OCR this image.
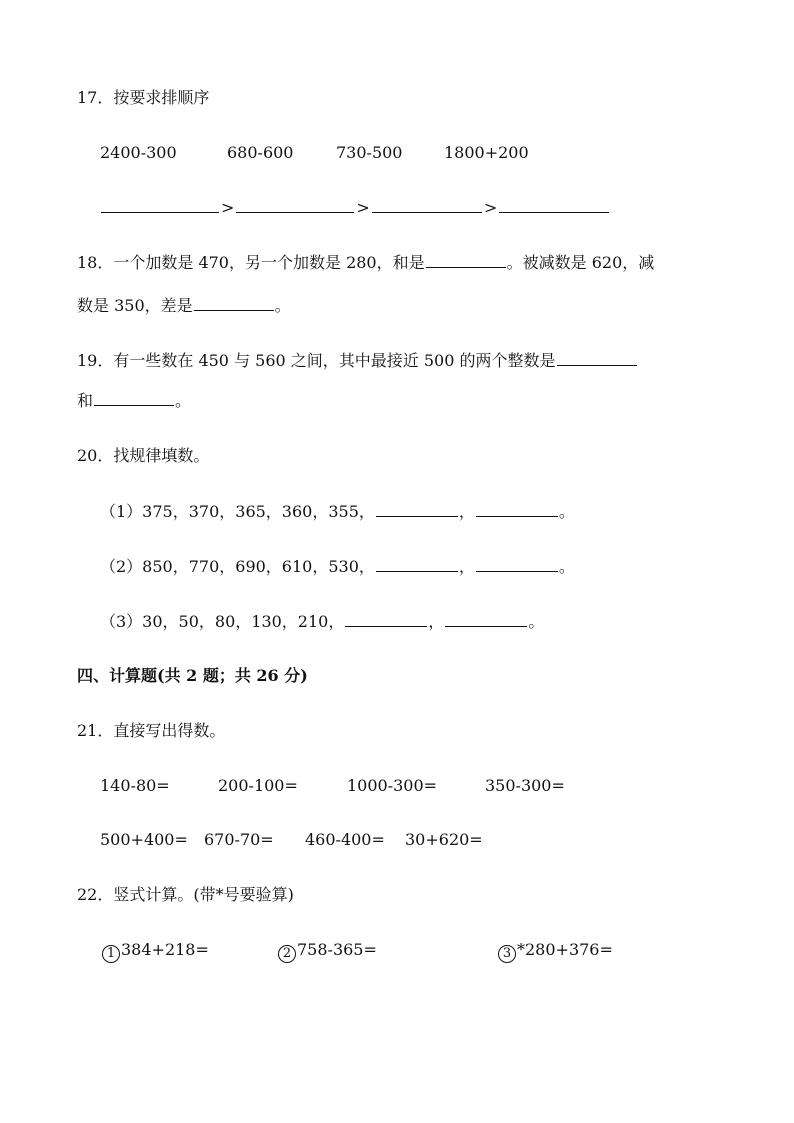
17．按要求排顺序
2400-300	680-600	730-500	1800+200
>	>	>
18．一个加数是 470，另一个加数是 280，和是	。被减数是 620，减
数是 350，差是	。
19．有一些数在 450 与 560 之间，其中最接近 500 的两个整数是
和	。
20．找规律填数。
（1）375，370，365，360，355，	，	。
（2）850，770，690，610，530，	，	。
（3）30，50，80，130，210，	，	。
四、计算题(共 2 题；共 26 分)
21．直接写出得数。
140-80=	200-100=	1000-300=	350-300=
500+400= 670-70= 460-400= 30+620=
22．竖式计算。(带*号要验算)
1 384+218=	2 758-365=	3 *280+376=
